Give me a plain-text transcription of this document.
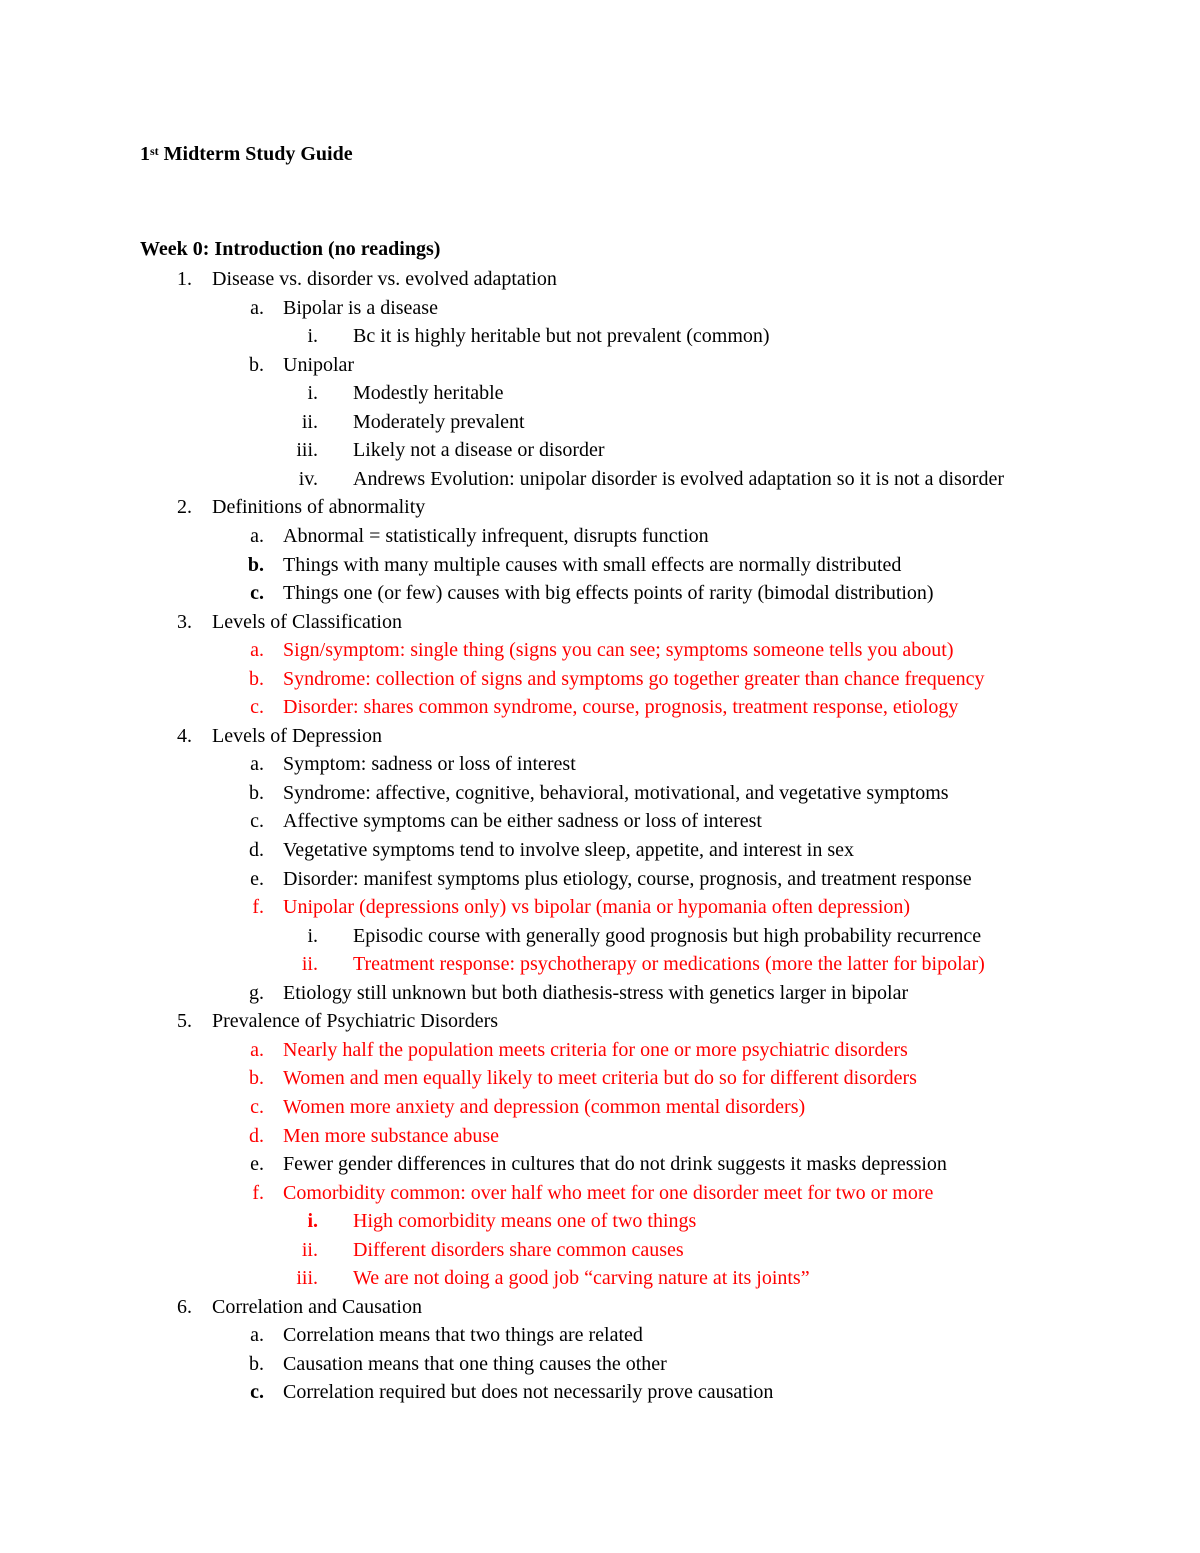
1st Midterm Study Guide
Week 0: Introduction (no readings)
1. Disease vs. disorder vs. evolved adaptation
a. Bipolar is a disease
i. Bc it is highly heritable but not prevalent (common)
b. Unipolar
i. Modestly heritable
ii. Moderately prevalent
iii. Likely not a disease or disorder
iv. Andrews Evolution: unipolar disorder is evolved adaptation so it is not a disorder
2. Definitions of abnormality
a. Abnormal = statistically infrequent, disrupts function
b. Things with many multiple causes with small effects are normally distributed
c. Things one (or few) causes with big effects points of rarity (bimodal distribution)
3. Levels of Classification
a. Sign/symptom: single thing (signs you can see; symptoms someone tells you about)
b. Syndrome: collection of signs and symptoms go together greater than chance frequency
c. Disorder: shares common syndrome, course, prognosis, treatment response, etiology
4. Levels of Depression
a. Symptom: sadness or loss of interest
b. Syndrome: affective, cognitive, behavioral, motivational, and vegetative symptoms
c. Affective symptoms can be either sadness or loss of interest
d. Vegetative symptoms tend to involve sleep, appetite, and interest in sex
e. Disorder: manifest symptoms plus etiology, course, prognosis, and treatment response
f. Unipolar (depressions only) vs bipolar (mania or hypomania often depression)
i. Episodic course with generally good prognosis but high probability recurrence
ii. Treatment response: psychotherapy or medications (more the latter for bipolar)
g. Etiology still unknown but both diathesis-stress with genetics larger in bipolar
5. Prevalence of Psychiatric Disorders
a. Nearly half the population meets criteria for one or more psychiatric disorders
b. Women and men equally likely to meet criteria but do so for different disorders
c. Women more anxiety and depression (common mental disorders)
d. Men more substance abuse
e. Fewer gender differences in cultures that do not drink suggests it masks depression
f. Comorbidity common: over half who meet for one disorder meet for two or more
i. High comorbidity means one of two things
ii. Different disorders share common causes
iii. We are not doing a good job “carving nature at its joints”
6. Correlation and Causation
a. Correlation means that two things are related
b. Causation means that one thing causes the other
c. Correlation required but does not necessarily prove causation
